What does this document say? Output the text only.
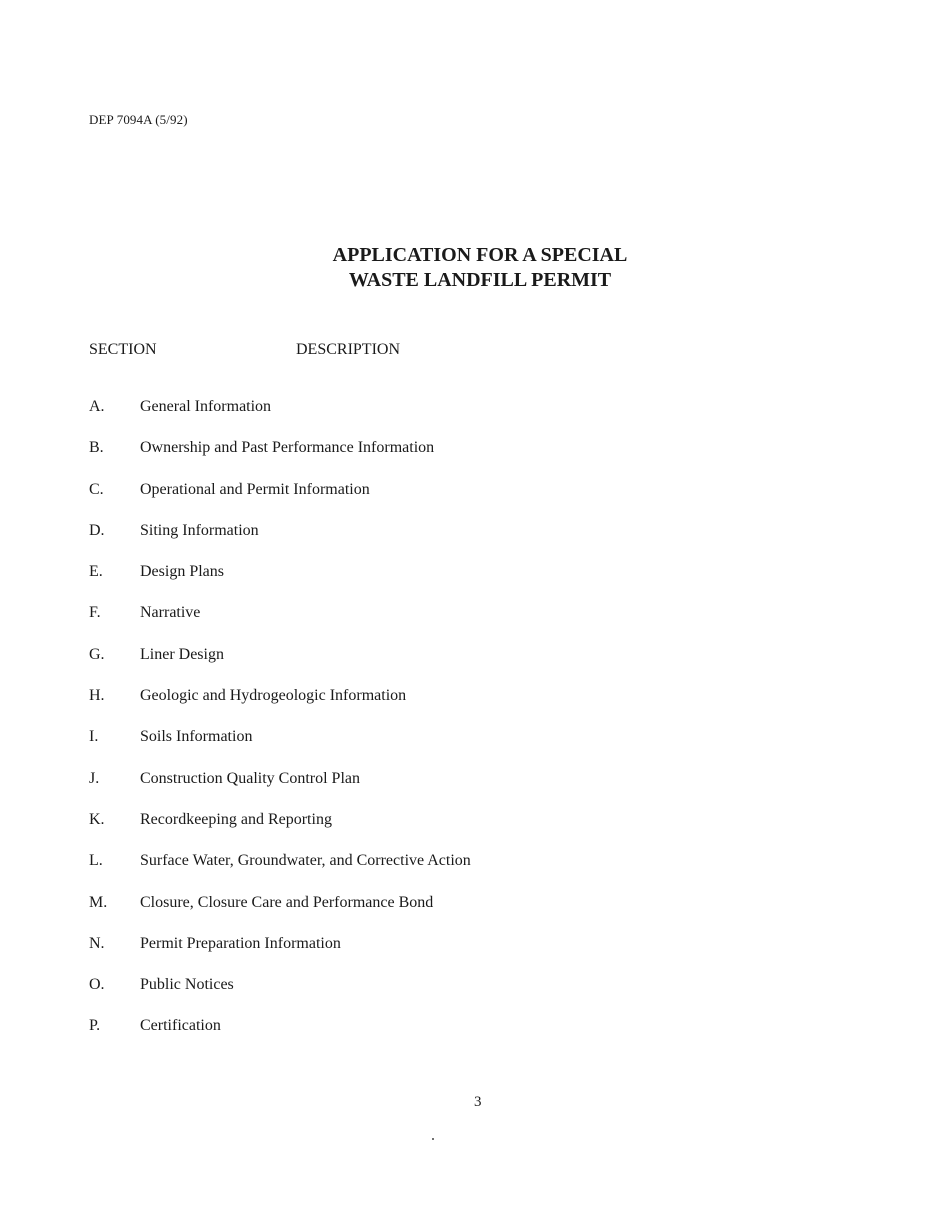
DEP 7094A (5/92)
APPLICATION FOR A SPECIAL
WASTE LANDFILL PERMIT
SECTION	DESCRIPTION
A. General Information
B. Ownership and Past Performance Information
C. Operational and Permit Information
D. Siting Information
E. Design Plans
F. Narrative
G. Liner Design
H. Geologic and Hydrogeologic Information
I.	Soils Information
J.	Construction Quality Control Plan
K. Recordkeeping and Reporting
L. Surface Water, Groundwater, and Corrective Action
M. Closure, Closure Care and Performance Bond
N. Permit Preparation Information
O. Public Notices
P. Certification
3
